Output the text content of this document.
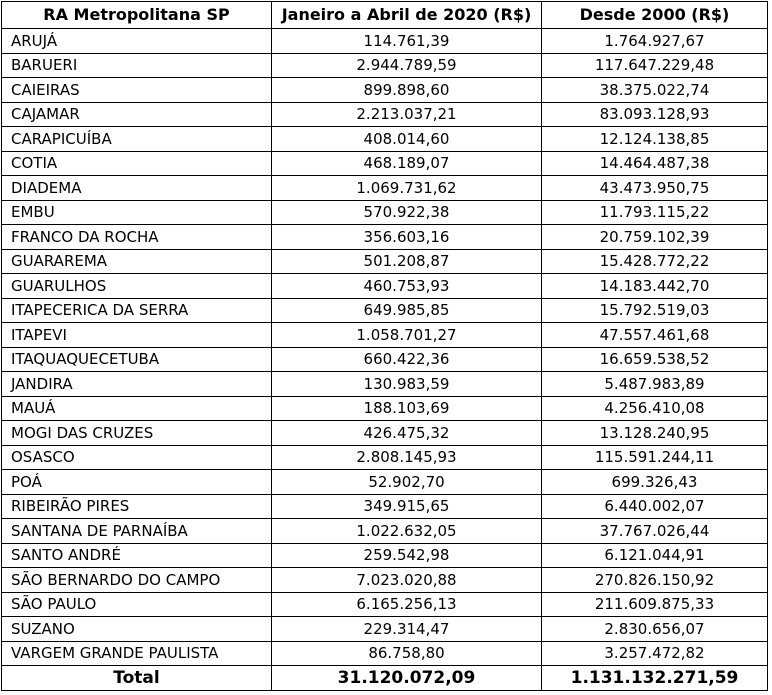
RA Metropolitana SP	Janeiro a Abril de 2020 (R$)	Desde 2000 (R$)
ARUJÁ	114.761,39	1.764.927,67
BARUERI	2.944.789,59	117.647.229,48
CAIEIRAS	899.898,60	38.375.022,74
CAJAMAR	2.213.037,21	83.093.128,93
CARAPICUÍBA	408.014,60	12.124.138,85
COTIA	468.189,07	14.464.487,38
DIADEMA	1.069.731,62	43.473.950,75
EMBU	570.922,38	11.793.115,22
FRANCO DA ROCHA	356.603,16	20.759.102,39
GUARAREMA	501.208,87	15.428.772,22
GUARULHOS	460.753,93	14.183.442,70
ITAPECERICA DA SERRA	649.985,85	15.792.519,03
ITAPEVI	1.058.701,27	47.557.461,68
ITAQUAQUECETUBA	660.422,36	16.659.538,52
JANDIRA	130.983,59	5.487.983,89
MAUÁ	188.103,69	4.256.410,08
MOGI DAS CRUZES	426.475,32	13.128.240,95
OSASCO	2.808.145,93	115.591.244,11
POÁ	52.902,70	699.326,43
RIBEIRÃO PIRES	349.915,65	6.440.002,07
SANTANA DE PARNAÍBA	1.022.632,05	37.767.026,44
SANTO ANDRÉ	259.542,98	6.121.044,91
SÃO BERNARDO DO CAMPO	7.023.020,88	270.826.150,92
SÃO PAULO	6.165.256,13	211.609.875,33
SUZANO	229.314,47	2.830.656,07
VARGEM GRANDE PAULISTA	86.758,80	3.257.472,82
Total	31.120.072,09	1.131.132.271,59
